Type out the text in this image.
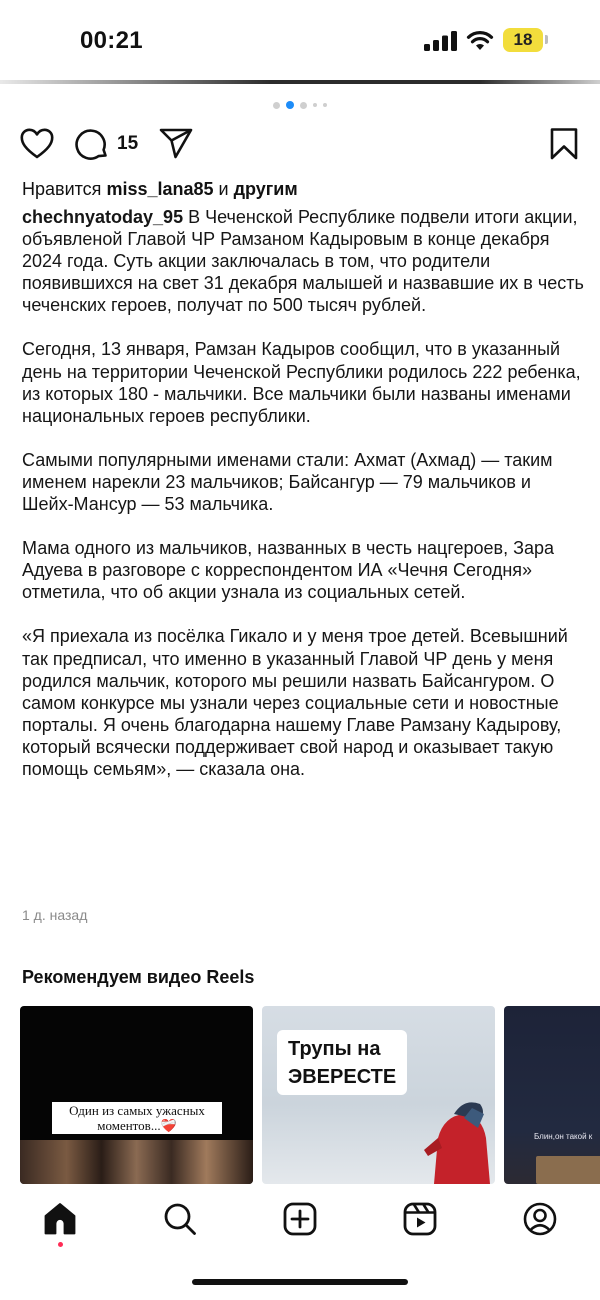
00:21	18
15
Нравится miss_lana85 и другим

chechnyatoday_95 В Чеченской Республике подвели итоги акции, объявленой Главой ЧР Рамзаном Кадыровым в конце декабря 2024 года. Суть акции заключалась в том, что родители появившихся на свет 31 декабря малышей и назвавшие их в честь чеченских героев, получат по 500 тысяч рублей.

Сегодня, 13 января, Рамзан Кадыров сообщил, что в указанный день на территории Чеченской Республики родилось 222 ребенка, из которых 180 - мальчики. Все мальчики были названы именами национальных героев республики.

Самыми популярными именами стали: Ахмат (Ахмад) — таким именем нарекли 23 мальчиков; Байсангур — 79 мальчиков и Шейх-Мансур — 53 мальчика.

Мама одного из мальчиков, названных в честь нацгероев, Зара Адуева в разговоре с корреспондентом ИА «Чечня Сегодня» отметила, что об акции узнала из социальных сетей.

«Я приехала из посёлка Гикало и у меня трое детей. Всевышний так предписал, что именно в указанный Главой ЧР день у меня родился мальчик, которого мы решили назвать Байсангуром. О самом конкурсе мы узнали через социальные сети и новостные порталы. Я очень благодарна нашему Главе Рамзану Кадырову, который всячески поддерживает свой народ и оказывает такую помощь семьям», — сказала она.

1 д. назад
Рекомендуем видео Reels
Один из самых ужасных моментов...❤️‍🩹
Трупы на
ЭВЕРЕСТЕ
Блин,он такой к
